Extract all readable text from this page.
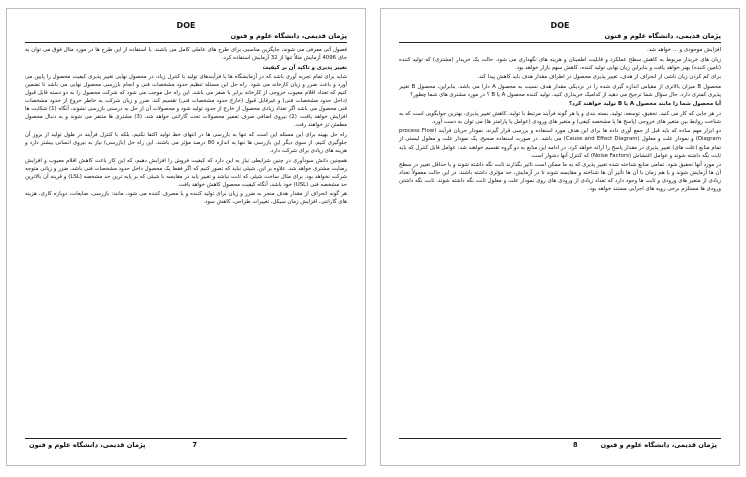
DOE
پژمان قدیمی، دانشگاه علوم و فنون

فصول آتی معرفی می شوند، جایگزین مناسبی برای طرح های عاملی کامل می باشند. با استفاده از این طرح ها در مورد مثال فوق می توان به جای 4096 آزمایش مثلاً تنها از 32 آزمایش استفاده کرد.

تغییر پذیری و تاکید آن بر کیفیت

شاید برای تمام تجربه آوری باشد که در آزمایشگاه ها یا فرآیندهای تولید با کنترل زیاد، در محصول نهایی تغییر پذیری کیفیت محصول را پایین می آورد و باعث ضرر و زیان کارخانه می شود. راه حل این مسئله تنظیم حدود مشخصات فنی و انجام بازرسی محصول نهایی می باشد تا تضمین کنیم که تعداد اقلام معیوب خروجی از کارخانه برابر با صفر می باشد. این راه حل موجب می شود که شرکت محصول را به دو دسته قابل قبول (داخل حدود مشخصات فنی) و غیرقابل قبول (خارج حدود مشخصات فنی) تقسیم کند. ضرر و زیان شرکت به خاطر خروج از حدود مشخصات فنی محصول می باشد اگر تعداد زیادی محصول از خارج از حدود تولید شود و محصولات آن از حل به درستی بازرسی نشوند، آنگاه (1) شکایت ها افزایش خواهد یافت، (2) نیروی اضافی صرف تعمیر محصولات تحت گارانتی خواهد شد، (3) مشتری ها متنفر می شوند و به دنبال محصول مطمئن تر خواهند رفت.

راه حل بهینه برای این مسئله این است که تنها به بازرسی ها در انتهای خط تولید اکتفا نکنیم، بلکه با کنترل فرآیند در طول تولید از بروز آن جلوگیری کنیم. از سوی دیگر این بازرسی ها تنها به اندازه 80 درصد مؤثر می باشند. این راه حل (بازرسی) نیاز به نیروی انسانی بیشتر دارد و هزینه های زیادی برای شرکت دارد.

همچنین دانش سودآوری در چنین شرایطی نیاز به این دارد که کیفیت فروش را افزایش دهیم، که این کار باعث کاهش اقلام معیوب و افزایش رضایت مشتری خواهد شد. علاوه بر این، شیئی نباید که تصور کنیم که اگر فقط یک محصول داخل حدود مشخصات فنی باشد، ضرر و زیانی متوجه شرکت نخواهد بود. برای مثال ساخت شیئی که ثابت نباشد و تغییر یابد در مقایسه با شیئی که بر پایه ترین حد مشخصه (LSL) و قرینه آن بالاترین حد مشخصه فنی (USL) خود باشد، آنگاه کیفیت محصول کاهش خواهد یافت.

هر گونه انحراف از مقدار هدف منجر به ضرر و زیان برای تولید کننده و یا مصرف کننده می شود، مانند: بازرسی، ضایعات، دوباره کاری، هزینه های گارانتی، افزایش زمان سیکل، تغییرات طراحی، کاهش سود.

7
پژمان قدیمی، دانشگاه علوم و فنون
DOE
پژمان قدیمی، دانشگاه علوم و فنون

افزایش موجودی و ... خواهد شد.

زیان های خریدار مربوط به کاهش سطح عملکرد و قابلیت اطمینان و هزینه های نگهداری می شود. حالت یک خریدار (مشتری) که تولید کننده (تامین کننده) بهتر خواهد یافت و بنابراین زیان نهایی تولید کننده، کاهش سهم بازار خواهد بود.

برای کم کردن زیان ناشی از انحراف از هدف، تغییر پذیری محصول در اطراف مقدار هدف باید کاهش پیدا کند.

محصول B میزان بالاتری از مقیاس اندازه گیری شده را در نزدیکی مقدار هدف نسبت به محصول A دارا می باشد. بنابراین، محصول B تغییر پذیری کمتری دارد. حال سؤال شما ترجیح می دهید از کدامیک خریداری کنید. تولید کننده محصول A یا B ؟ در مورد مشتری های شما چطور؟

آیا محصول شما را مانند محصول A یا B تولید خواهند کرد؟

در هر جایی که کار می کنید، تحقیق، توسعه، تولید، بسته بندی و یا هر گونه فرآیند مرتبط با تولید، کاهش تغییر پذیری، بهترین جوابگویی است که به شناخت روابط بین متغیر های خروجی (پاسخ ها یا مشخصه کیفی) و متغیر های ورودی (عوامل یا پارامتر ها) می توان به دست آورد.

دو ابزار مهم ساده که باید قبل از جمع آوری داده ها برای این هدف مورد استفاده و بررسی قرار گیرند، نمودار جریان فرآیند (process Flow Diagram) و نمودار علت و معلول (Cause and Effect Diagram) می باشد. در صورت استفاده صحیح، یک نمودار علت و معلول لیستی از تمام منابع (علت های) تغییر پذیری در مقدار پاسخ را ارائه خواهد کرد. در ادامه این منابع به دو گروه تقسیم خواهند شد: عوامل قابل کنترل که باید ثابت نگه داشته شوند و عوامل اغتشاش (Noise Factors) که کنترل آنها دشوار است.

در مورد آنها تحقیق شود. تمامی منابع شناخته شده تغییر پذیری که به ما ممکن است تاثیر بگذارند ثابت نگه داشته شوند و با حداقل تغییر در سطح آن ها آزمایش شوند و یا هم زمان با آن ها تأثیر آن ها شناخته و مقایسه شوند تا در آزمایش، حد مؤثری داشته باشند. در این حالت معمولاً تعداد زیادی از متغیر های ورودی و ثابت ها وجود دارد که تعداد زیادی از ورودی های روی نمودار علت و معلول ثابت نگه داشته شوند. ثابت نگه داشتن ورودی ها مستلزم برخی رویه های اجرایی مستند خواهد بود.

8	پژمان قدیمی، دانشگاه علوم و فنون
